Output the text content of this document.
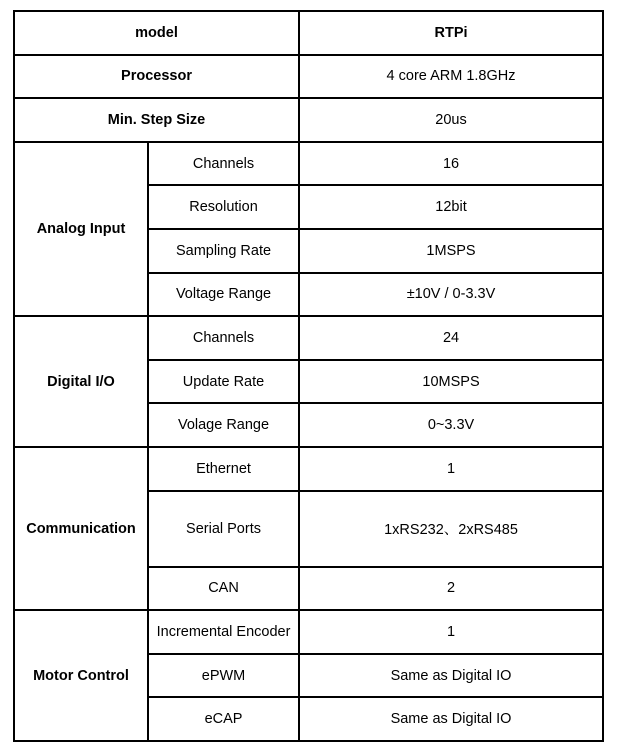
model		RTPi
Processor		4 core ARM 1.8GHz
Min. Step Size		20us
Analog Input	Channels	16
	Resolution	12bit
	Sampling Rate	1MSPS
	Voltage Range	±10V / 0-3.3V
Digital I/O	Channels	24
	Update Rate	10MSPS
	Volage Range	0~3.3V
Communication	Ethernet	1
	Serial Ports	1xRS232、2xRS485
	CAN	2
Motor Control	Incremental Encoder	1
	ePWM	Same as Digital IO
	eCAP	Same as Digital IO
